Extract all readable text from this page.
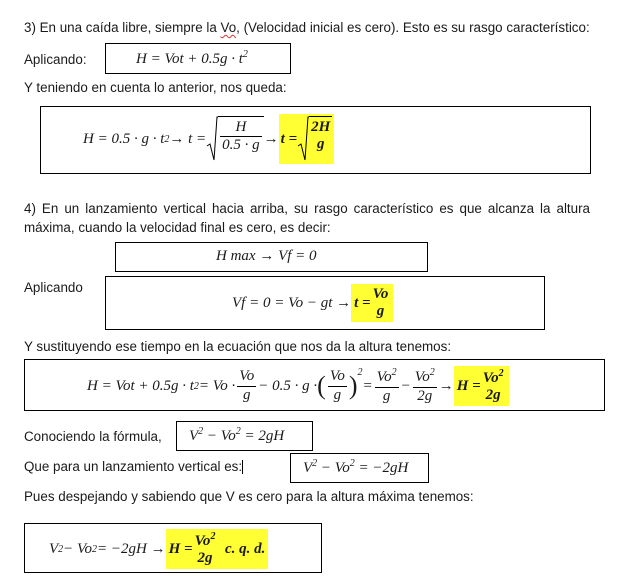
3) En una caída libre, siempre la Vo, (Velocidad inicial es cero). Esto es su rasgo característico:
Aplicando:	H = Vot + $0.5g \cdot t^2$
Y teniendo en cuenta lo anterior, nos queda:
H = 0.5 · g · t $2 \to t = \frac{H}{0.5 \cdot g} \to t$ =
2H
g
4) En un lanzamiento vertical hacia arriba, su rasgo característico es que alcanza la altura máxima, cuando la velocidad final es cero, es decir:
H max → Vf = 0
Aplicando
Vf = 0 = Vo − gt → t =
Vo
g
Y sustituyendo ese tiempo en la ecuación que nos da la altura tenemos:
H = Vot + 0.5g · t $2 = Vo \cdot \frac{Vo}{g} - 0.5 \cdot g$ · ( $\frac{Vo}{g} )^2$
= $\frac{Vo^2}{g} - \frac{Vo^2}{2g} \to H = Vo^2$
2g
Conociendo la fórmula, $V^2 - Vo^2 = 2gH$
Que para un lanzamiento vertical es:	$V^2 - Vo^2 = -2gH$
Pues despejando y sabiendo que V es cero para la altura máxima tenemos:
V 2 − Vo $2 = -2gH \to H = Vo^2$
2g
c. q. d.
